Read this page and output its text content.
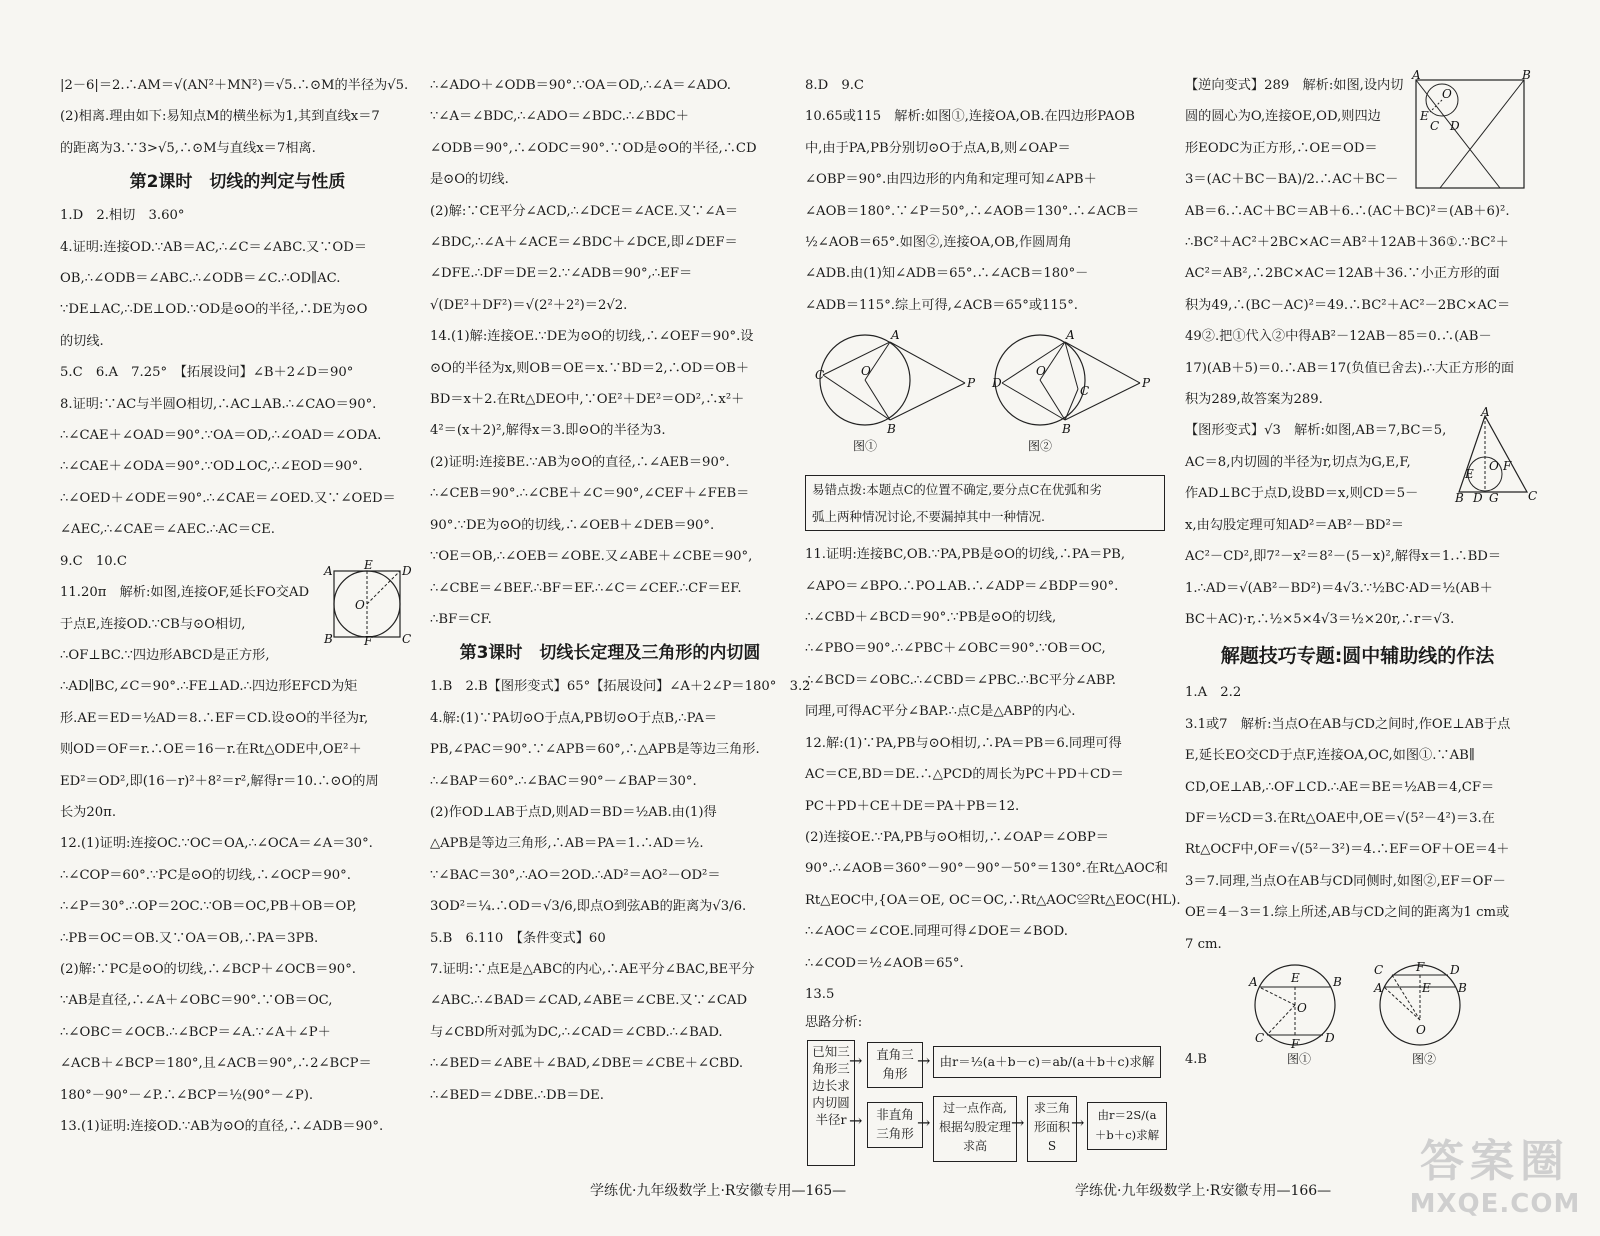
|2－6|＝2.∴AM＝√(AN²＋MN²)＝√5.∴⊙M的半径为√5.

(2)相离.理由如下:易知点M的横坐标为1,其到直线x＝7

的距离为3.∵3>√5,∴⊙M与直线x＝7相离.

第2课时　切线的判定与性质

1.D　2.相切　3.60°

4.证明:连接OD.∵AB＝AC,∴∠C＝∠ABC.又∵OD＝

OB,∴∠ODB＝∠ABC.∴∠ODB＝∠C.∴OD∥AC.

∵DE⊥AC,∴DE⊥OD.∵OD是⊙O的半径,∴DE为⊙O

的切线.

5.C　6.A　7.25°　【拓展设问】∠B＋2∠D＝90°

8.证明:∵AC与半圆O相切,∴AC⊥AB.∴∠CAO＝90°.

∴∠CAE＋∠OAD＝90°.∵OA＝OD,∴∠OAD＝∠ODA.

∴∠CAE＋∠ODA＝90°.∵OD⊥OC,∴∠EOD＝90°.

∴∠OED＋∠ODE＝90°.∴∠CAE＝∠OED.又∵∠OED＝

∠AEC,∴∠CAE＝∠AEC.∴AC＝CE.

9.C　10.C

11.20π　解析:如图,连接OF,延长FO交AD

于点E,连接OD.∵CB与⊙O相切,

∴OF⊥BC.∵四边形ABCD是正方形,

∴AD∥BC,∠C＝90°.∴FE⊥AD.∴四边形EFCD为矩

形.AE＝ED＝½AD＝8.∴EF＝CD.设⊙O的半径为r,

则OD＝OF＝r.∴OE＝16－r.在Rt△ODE中,OE²＋

ED²＝OD²,即(16－r)²＋8²＝r²,解得r＝10.∴⊙O的周

长为20π.

12.(1)证明:连接OC.∵OC＝OA,∴∠OCA＝∠A＝30°.

∴∠COP＝60°.∵PC是⊙O的切线,∴∠OCP＝90°.

∴∠P＝30°.∴OP＝2OC.∵OB＝OC,PB＋OB＝OP,

∴PB＝OC＝OB.又∵OA＝OB,∴PA＝3PB.

(2)解:∵PC是⊙O的切线,∴∠BCP＋∠OCB＝90°.

∵AB是直径,∴∠A＋∠OBC＝90°.∵OB＝OC,

∴∠OBC＝∠OCB.∴∠BCP＝∠A.∵∠A＋∠P＋

∠ACB＋∠BCP＝180°,且∠ACB＝90°,∴2∠BCP＝

180°－90°－∠P.∴∠BCP＝½(90°－∠P).

13.(1)证明:连接OD.∵AB为⊙O的直径,∴∠ADB＝90°.

A	E D
B	F C
O

∴∠ADO＋∠ODB＝90°.∵OA＝OD,∴∠A＝∠ADO.

∵∠A＝∠BDC,∴∠ADO＝∠BDC.∴∠BDC＋

∠ODB＝90°,∴∠ODC＝90°.∵OD是⊙O的半径,∴CD

是⊙O的切线.

(2)解:∵CE平分∠ACD,∴∠DCE＝∠ACE.又∵∠A＝

∠BDC,∴∠A＋∠ACE＝∠BDC＋∠DCE,即∠DEF＝

∠DFE.∴DF＝DE＝2.∵∠ADB＝90°,∴EF＝

√(DE²＋DF²)＝√(2²＋2²)＝2√2.

14.(1)解:连接OE.∵DE为⊙O的切线,∴∠OEF＝90°.设

⊙O的半径为x,则OB＝OE＝x.∵BD＝2,∴OD＝OB＋

BD＝x＋2.在Rt△DEO中,∵OE²＋DE²＝OD²,∴x²＋

4²＝(x＋2)²,解得x＝3.即⊙O的半径为3.

(2)证明:连接BE.∵AB为⊙O的直径,∴∠AEB＝90°.

∴∠CEB＝90°.∴∠CBE＋∠C＝90°,∠CEF＋∠FEB＝

90°.∵DE为⊙O的切线,∴∠OEB＋∠DEB＝90°.

∵OE＝OB,∴∠OEB＝∠OBE.又∠ABE＋∠CBE＝90°,

∴∠CBE＝∠BEF.∴BF＝EF.∴∠C＝∠CEF.∴CF＝EF.

∴BF＝CF.

第3课时　切线长定理及三角形的内切圆

1.B　2.B【图形变式】65°【拓展设问】∠A＋2∠P＝180°　3.2

4.解:(1)∵PA切⊙O于点A,PB切⊙O于点B,∴PA＝

PB,∠PAC＝90°.∵∠APB＝60°,∴△APB是等边三角形.

∴∠BAP＝60°.∴∠BAC＝90°－∠BAP＝30°.

(2)作OD⊥AB于点D,则AD＝BD＝½AB.由(1)得

△APB是等边三角形,∴AB＝PA＝1.∴AD＝½.

∵∠BAC＝30°,∴AO＝2OD.∴AD²＝AO²－OD²＝

3OD²＝¼.∴OD＝√3/6,即点O到弦AB的距离为√3/6.

5.B　6.110　【条件变式】60

7.证明:∵点E是△ABC的内心,∴AE平分∠BAC,BE平分

∠ABC.∴∠BAD＝∠CAD,∠ABE＝∠CBE.又∵∠CAD

与∠CBD所对弧为DC,∴∠CAD＝∠CBD.∴∠BAD.

∴∠BED＝∠ABE＋∠BAD,∠DBE＝∠CBE＋∠CBD.

∴∠BED＝∠DBE.∴DB＝DE.

8.D　9.C

10.65或115　解析:如图①,连接OA,OB.在四边形PAOB

中,由于PA,PB分别切⊙O于点A,B,则∠OAP＝

∠OBP＝90°.由四边形的内角和定理可知∠APB＋

∠AOB＝180°.∵∠P＝50°,∴∠AOB＝130°.∴∠ACB＝

½∠AOB＝65°.如图②,连接OA,OB,作圆周角

∠ADB.由(1)知∠ADB＝65°.∴∠ACB＝180°－

∠ADB＝115°.综上可得,∠ACB＝65°或115°.

A
B
C	O
P
图①
A
B
D
O
P
C
图②

易错点拨:本题点C的位置不确定,要分点C在优弧和劣

弧上两种情况讨论,不要漏掉其中一种情况.

11.证明:连接BC,OB.∵PA,PB是⊙O的切线,∴PA＝PB,

∠APO＝∠BPO.∴PO⊥AB.∴∠ADP＝∠BDP＝90°.

∴∠CBD＋∠BCD＝90°.∵PB是⊙O的切线,

∴∠PBO＝90°.∴∠PBC＋∠OBC＝90°.∵OB＝OC,

∴∠BCD＝∠OBC.∴∠CBD＝∠PBC.∴BC平分∠ABP.

同理,可得AC平分∠BAP.∴点C是△ABP的内心.

12.解:(1)∵PA,PB与⊙O相切,∴PA＝PB＝6.同理可得

AC＝CE,BD＝DE.∴△PCD的周长为PC＋PD＋CD＝

PC＋PD＋CE＋DE＝PA＋PB＝12.

(2)连接OE.∵PA,PB与⊙O相切,∴∠OAP＝∠OBP＝

90°.∴∠AOB＝360°－90°－90°－50°＝130°.在Rt△AOC和

Rt△EOC中,{OA＝OE, OC＝OC,∴Rt△AOC≌Rt△EOC(HL).

∴∠AOC＝∠COE.同理可得∠DOE＝∠BOD.

∴∠COD＝½∠AOB＝65°.

13.5

思路分析:
已知三角形三边长求内切圆半径r
直角三角形
→
→
→ 由r＝½(a＋b－c)＝ab/(a＋b＋c)求解
非直角三角形
→
过一点作高,根据勾股定理求高
→
求三角形面积S
→	由r＝2S/(a＋b＋c)求解

【逆向变式】289　解析:如图,设内切

圆的圆心为O,连接OE,OD,则四边

形EODC为正方形,∴OE＝OD＝

3＝(AC＋BC－BA)/2.∴AC＋BC－

AB＝6.∴AC＋BC＝AB＋6.∴(AC＋BC)²＝(AB＋6)².

∴BC²＋AC²＋2BC×AC＝AB²＋12AB＋36①.∵BC²＋

AC²＝AB²,∴2BC×AC＝12AB＋36.∵小正方形的面

积为49,∴(BC－AC)²＝49.∴BC²＋AC²－2BC×AC＝

49②.把①代入②中得AB²－12AB－85＝0.∴(AB－

17)(AB＋5)＝0.∴AB＝17(负值已舍去).∴大正方形的面

积为289,故答案为289.

【图形变式】√3　解析:如图,AB＝7,BC＝5,

AC＝8,内切圆的半径为r,切点为G,E,F,

作AD⊥BC于点D,设BD＝x,则CD＝5－

x,由勾股定理可知AD²＝AB²－BD²＝

AC²－CD²,即7²－x²＝8²－(5－x)²,解得x＝1.∴BD＝

1.∴AD＝√(AB²－BD²)＝4√3.∵½BC·AD＝½(AB＋

BC＋AC)·r,∴½×5×4√3＝½×20r,∴r＝√3.

解题技巧专题:圆中辅助线的作法

1.A　2.2

3.1或7　解析:当点O在AB与CD之间时,作OE⊥AB于点

E,延长EO交CD于点F,连接OA,OC,如图①.∵AB∥

CD,OE⊥AB,∴OF⊥CD.∴AE＝BE＝½AB＝4,CF＝

DF＝½CD＝3.在Rt△OAE中,OE＝√(5²－4²)＝3.在

Rt△OCF中,OF＝√(5²－3²)＝4.∴EF＝OF＋OE＝4＋

3＝7.同理,当点O在AB与CD同侧时,如图②,EF＝OF－

OE＝4－3＝1.综上所述,AB与CD之间的距离为1 cm或

7 cm.

A	E	B
O
C F D
图①
C	F D
A	E B
O
图②
4.B
A	B
E
C D
O
A
B	C
D G
O
E
F
学练优·九年级数学上·R安徽专用—165—	学练优·九年级数学上·R安徽专用—166—
答案圈
MXQE.COM
